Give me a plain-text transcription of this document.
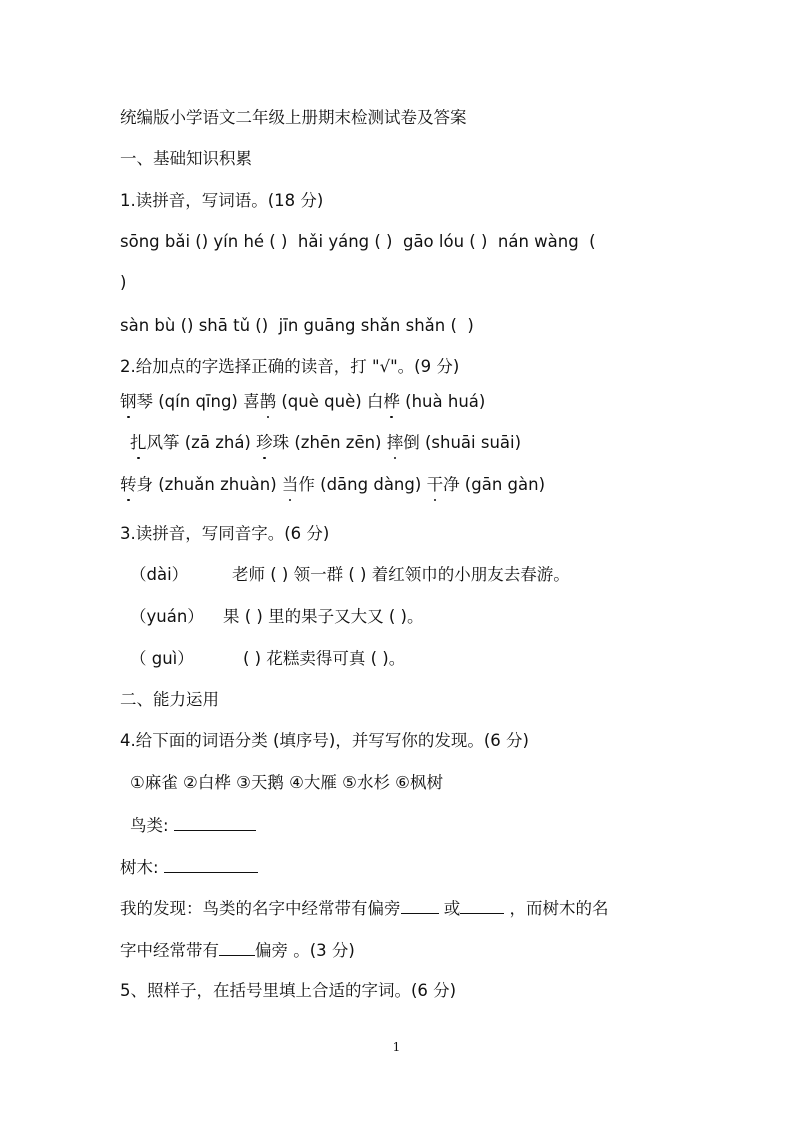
统编版小学语文二年级上册期末检测试卷及答案
一、基础知识积累
1.读拼音，写词语。(18 分)
sōng bǎi () yín hé ( )  hǎi yáng ( )  gāo lóu ( )  nán wàng  (
)
sàn bù () shā tǔ ()  jīn guāng shǎn shǎn (  )
2.给加点的字选择正确的读音，打 "√"。(9 分)
钢琴 (qín qīng) 喜鹊 (què què) 白桦 (huà huá)
扎风筝 (zā zhá) 珍珠 (zhēn zēn) 摔倒 (shuāi suāi)
转身 (zhuǎn zhuàn) 当作 (dāng dàng) 干净 (gān gàn)
3.读拼音，写同音字。(6 分)
（dài）	老师 ( ) 领一群 ( ) 着红领巾的小朋友去春游。
（yuán） 果 ( ) 里的果子又大又 ( )。
（ guì）	( ) 花糕卖得可真 ( )。
二、能力运用
4.给下面的词语分类 (填序号)，并写写你的发现。(6 分)
①麻雀 ②白桦 ③天鹅 ④大雁 ⑤水杉 ⑥枫树
鸟类:
树木:
我的发现：鸟类的名字中经常带有偏旁 或	，而树木的名
字中经常带有 偏旁 。(3 分)
5、照样子，在括号里填上合适的字词。(6 分)
1
